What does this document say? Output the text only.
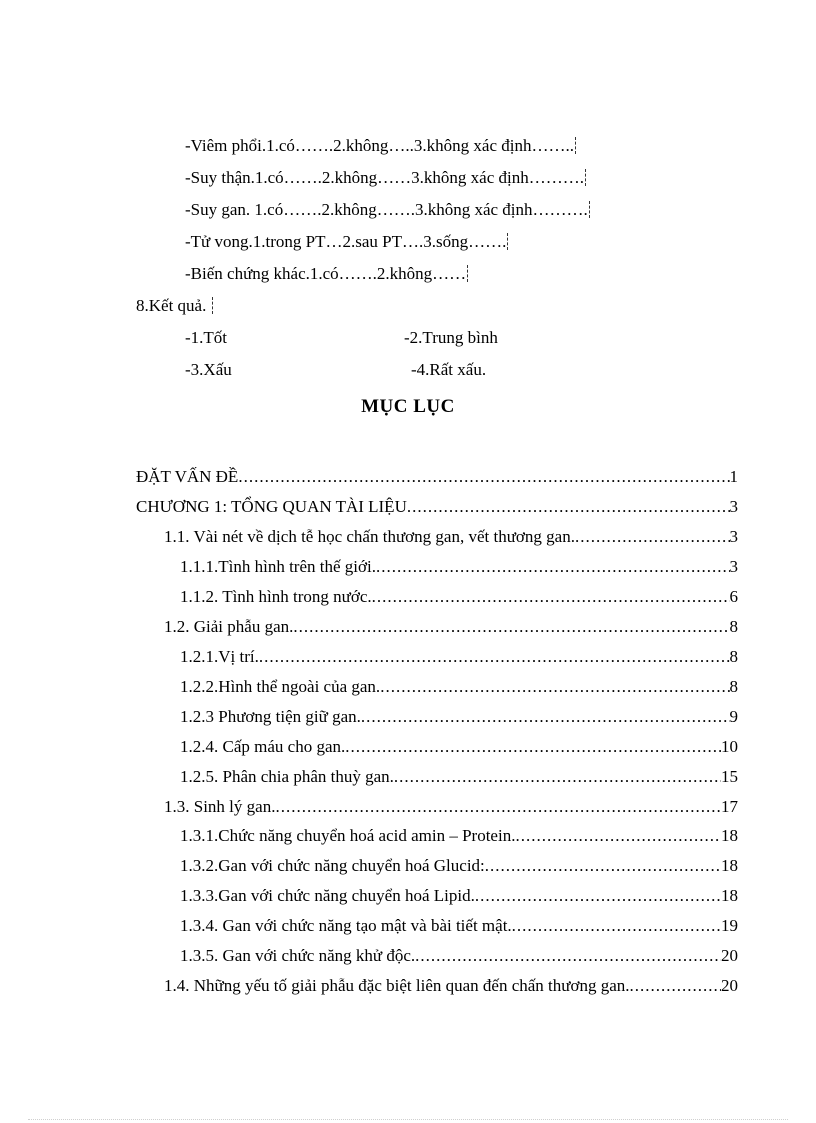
-Viêm phổi.1.có…….2.không…..3.không xác định……..
-Suy thận.1.có…….2.không……3.không xác định……….
-Suy gan. 1.có…….2.không…….3.không xác định……….
-Tử vong.1.trong PT…2.sau PT….3.sống…….
-Biến chứng khác.1.có…….2.không……
8.Kết quả.
-1.Tốt	-2.Trung bình
-3.Xấu	-4.Rất xấu.
MỤC LỤC
ĐẶT VẤN ĐỀ .....	1
CHƯƠNG 1: TỔNG QUAN TÀI LIỆU .....	3
1.1. Vài nét về dịch tễ học chấn thương gan, vết thương gan. .....	3
1.1.1.Tình hình trên thế giới. .....	3
1.1.2. Tình hình trong nước. .....	6
1.2. Giải phẫu gan. .....	8
1.2.1.Vị trí. .....	8
1.2.2.Hình thể ngoài của gan. .....	8
1.2.3 Phương tiện giữ gan. .....	9
1.2.4. Cấp máu cho gan. .....	10
1.2.5. Phân chia phân thuỳ gan. .....	15
1.3. Sinh lý gan. .....	17
1.3.1.Chức năng chuyển hoá acid amin – Protein. .....	18
1.3.2.Gan với chức năng chuyển hoá Glucid: .....	18
1.3.3.Gan với chức năng chuyển hoá Lipid. .....	18
1.3.4. Gan với chức năng tạo mật và bài tiết mật. .....	19
1.3.5. Gan với chức năng khử độc. .....	20
1.4. Những yếu tố giải phẫu đặc biệt liên quan đến chấn thương gan. .....	20
